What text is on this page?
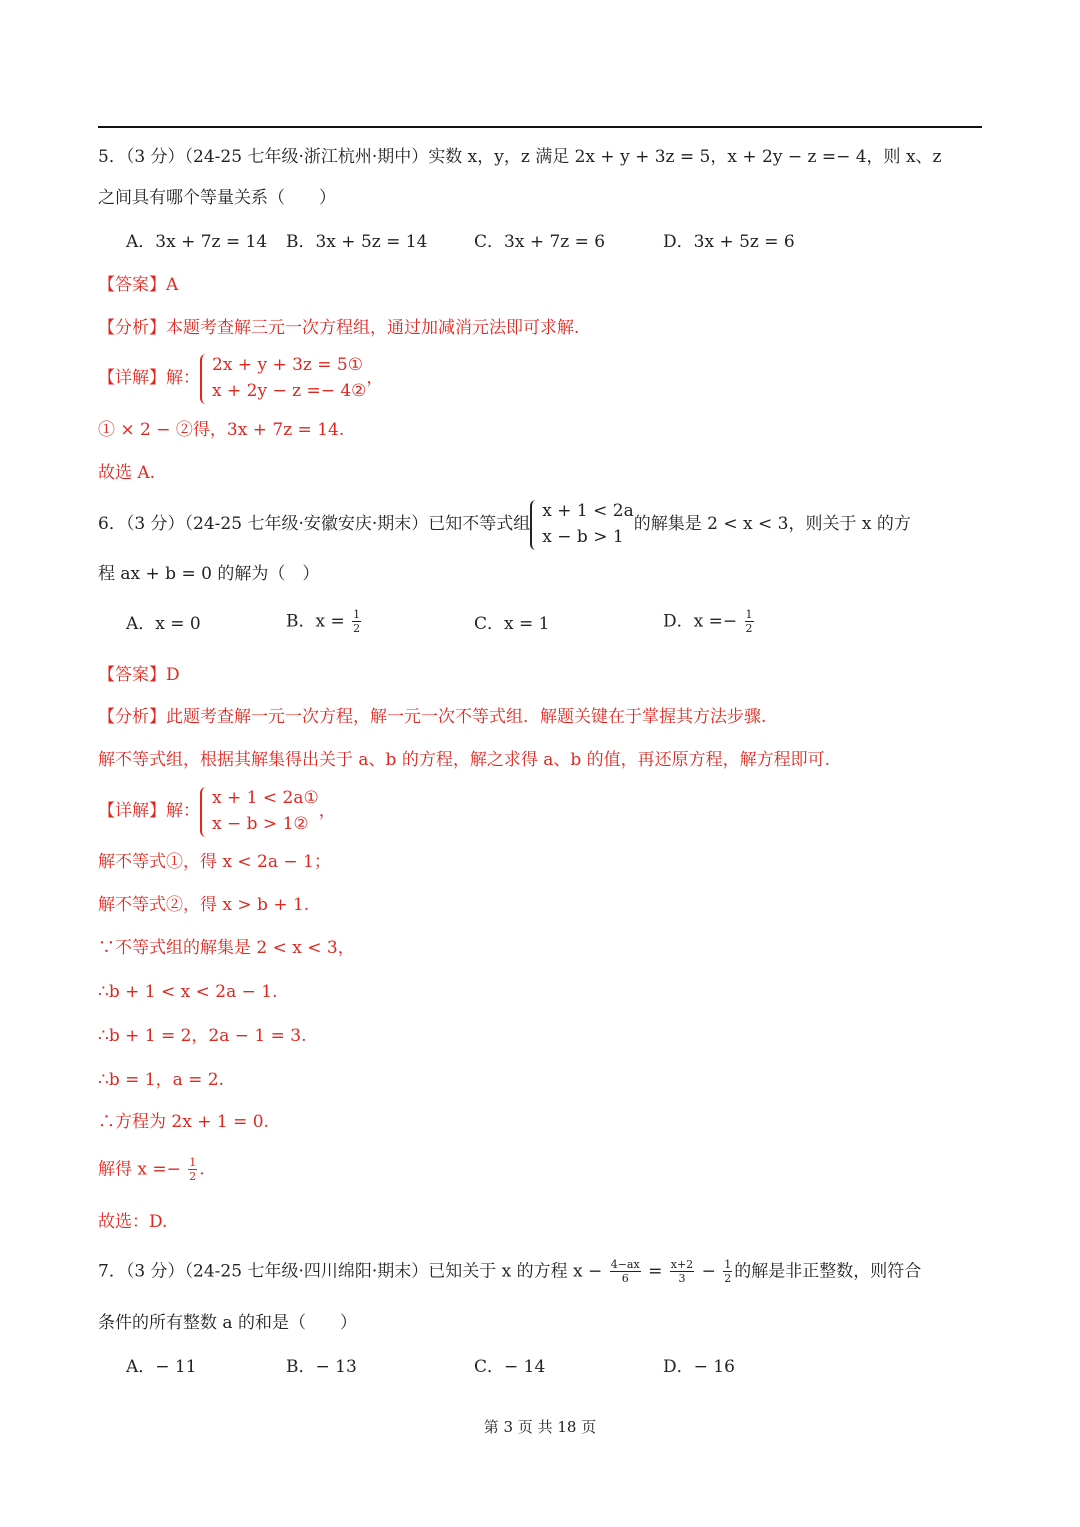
5．（3 分）（24-25 七年级·浙江杭州·期中）实数 x，y，z 满足 2x + y + 3z = 5，x + 2y − z =− 4，则 x、z
之间具有哪个等量关系（　　）
A．3x + 7z = 14 B．3x + 5z = 14	C．3x + 7z = 6	D．3x + 5z = 6
【答案】A
【分析】本题考查解三元一次方程组，通过加减消元法即可求解.
【详解】解：
2x + y + 3z = 5①
x + 2y − z =− 4②
，
① × 2 − ②得，3x + 7z = 14.
故选 A.
6．（3 分）（24-25 七年级·安徽安庆·期末）已知不等式组
x + 1 < 2a
x − b > 1
的解集是 2 < x < 3，则关于 x 的方
程 ax + b = 0 的解为（　）
A．x = 0	B．$x = \frac{1}{2}$	C．x = 1	D．$x =- \frac{1}{2}$
【答案】D
【分析】此题考查解一元一次方程，解一元一次不等式组．解题关键在于掌握其方法步骤.
解不等式组，根据其解集得出关于 a、b 的方程，解之求得 a、b 的值，再还原方程，解方程即可.
【详解】解：
x + 1 < 2a①
x − b > 1②
，
解不等式①，得 x < 2a − 1；
解不等式②，得 x > b + 1.
∵不等式组的解集是 2 < x < 3，
∴b + 1 < x < 2a − 1.
∴b + 1 = 2，2a − 1 = 3.
∴b = 1，a = 2.
∴方程为 2x + 1 = 0.
解得 $x =- \frac{1}{2}$ .
故选：D.
7．（3 分）（24-25 七年级·四川绵阳·期末）已知关于 x 的方程 $x - \frac{4-ax}{6} = \frac{x+2}{3} - \frac{1}{2}$ 的解是非正整数，则符合
条件的所有整数 a 的和是（　　）
A．− 11	B．− 13	C．− 14	D．− 16
第 3 页 共 18 页
